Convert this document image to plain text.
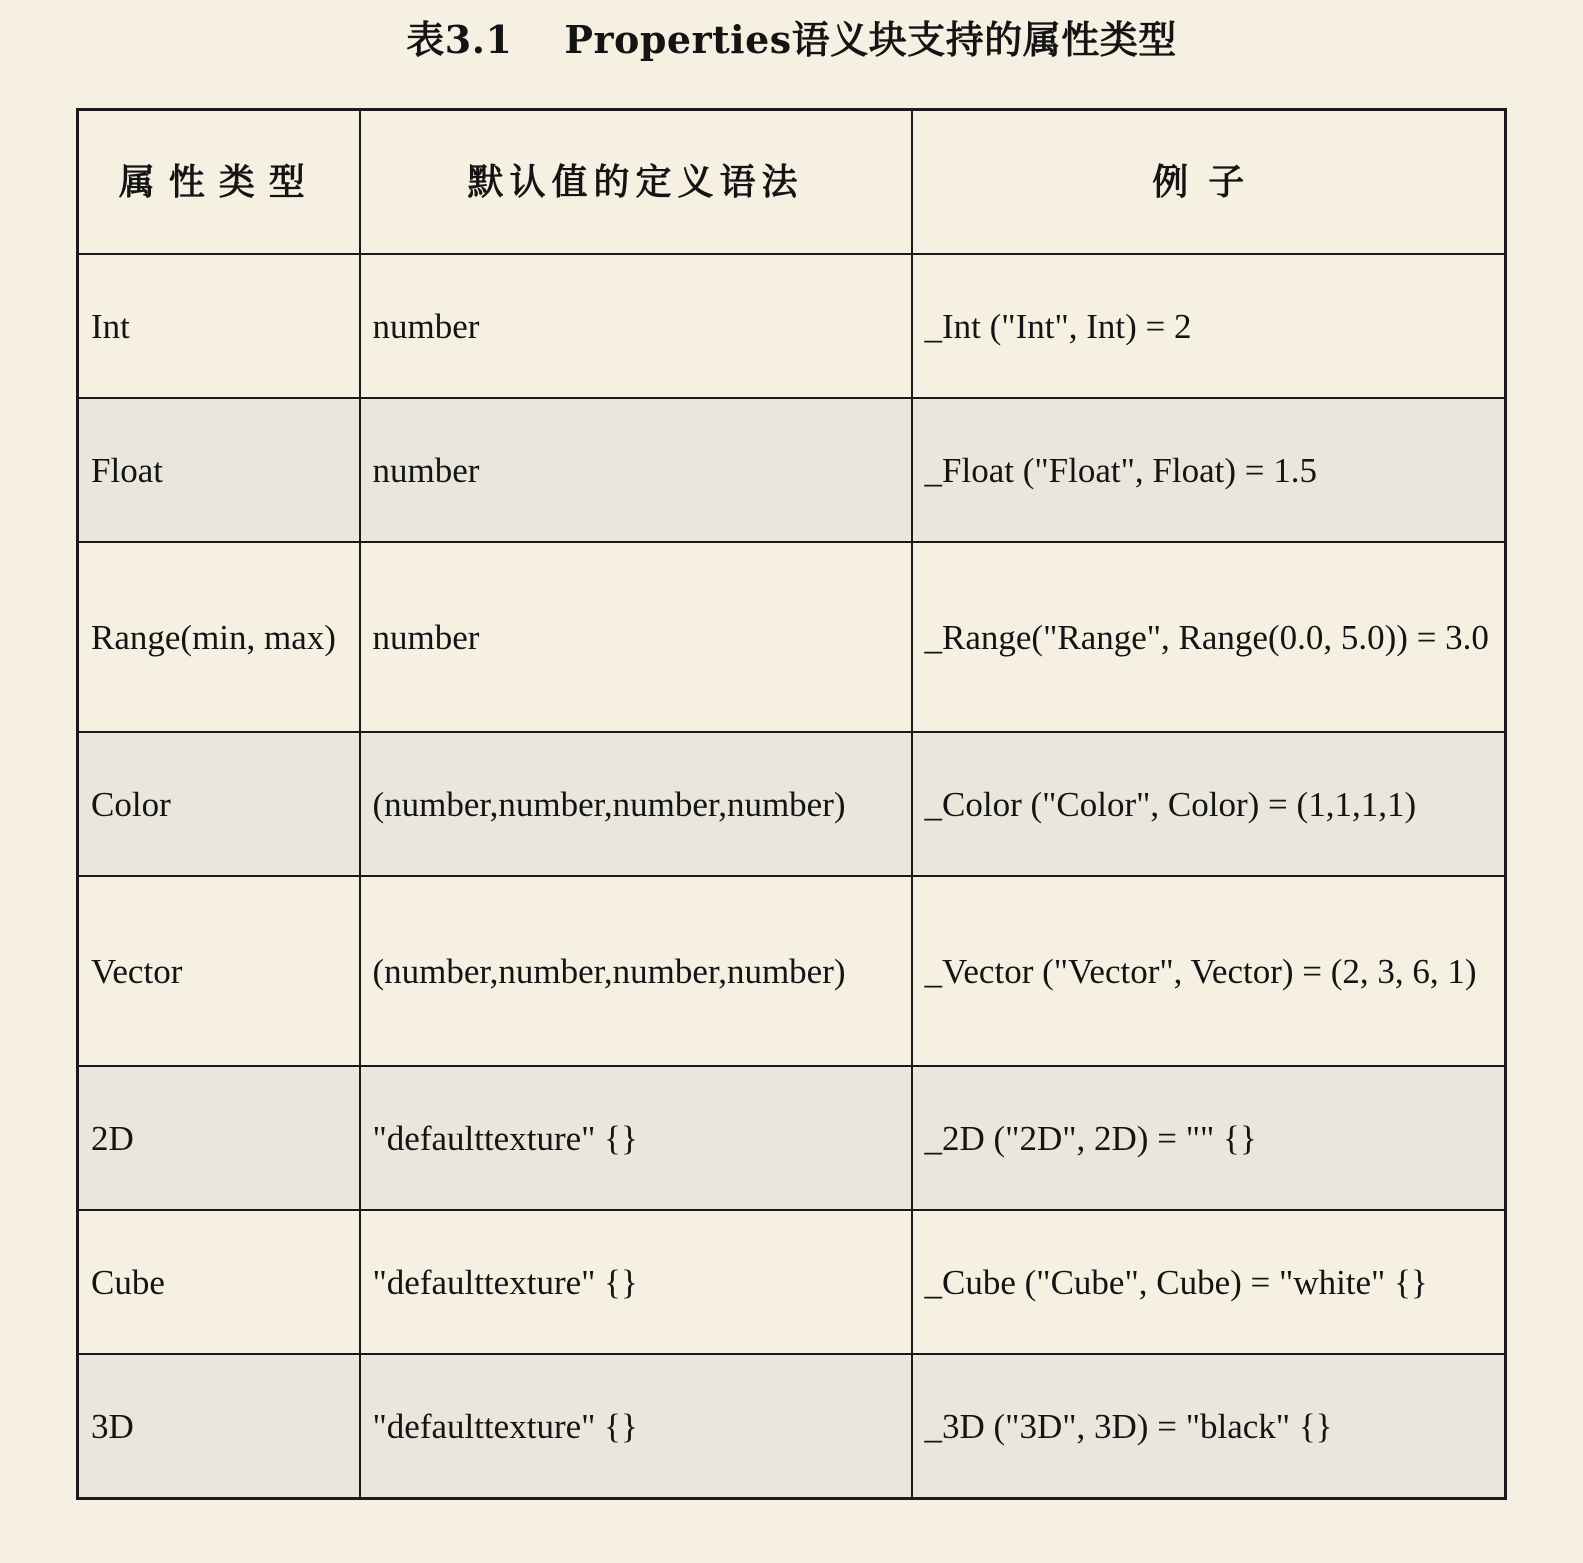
表3.1 Properties语义块支持的属性类型
属性类型	默认值的定义语法	例子
Int	number	_Int ("Int", Int) = 2
Float	number	_Float ("Float", Float) = 1.5
Range(min, max)	number	_Range("Range", Range(0.0, 5.0)) = 3.0
Color	(number,number,number,number)	_Color ("Color", Color) = (1,1,1,1)
Vector	(number,number,number,number)	_Vector ("Vector", Vector) = (2, 3, 6, 1)
2D	"defaulttexture" {}	_2D ("2D", 2D) = "" {}
Cube	"defaulttexture" {}	_Cube ("Cube", Cube) = "white" {}
3D	"defaulttexture" {}	_3D ("3D", 3D) = "black" {}
